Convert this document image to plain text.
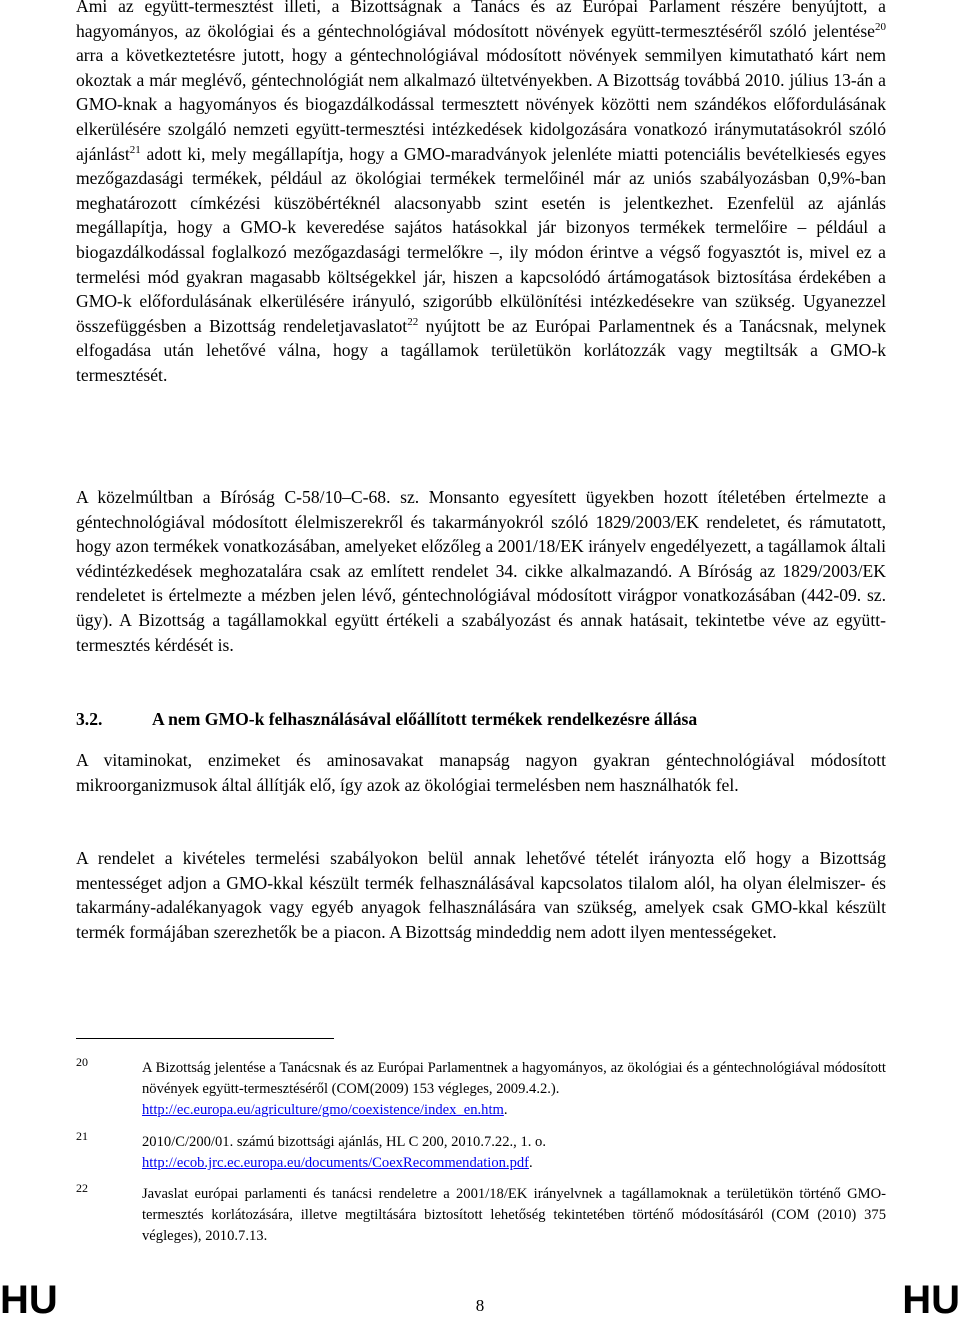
Ami az együtt-termesztést illeti, a Bizottságnak a Tanács és az Európai Parlament részére benyújtott, a hagyományos, az ökológiai és a géntechnológiával módosított növények együtt-termesztéséről szóló jelentése$^{20}$ arra a következtetésre jutott, hogy a géntechnológiával módosított növények semmilyen kimutatható kárt nem okoztak a már meglévő, géntechnológiát nem alkalmazó ültetvényekben. A Bizottság továbbá 2010. július 13-án a GMO-knak a hagyományos és biogazdálkodással termesztett növények közötti nem szándékos előfordulásának elkerülésére szolgáló nemzeti együtt-termesztési intézkedések kidolgozására vonatkozó iránymutatásokról szóló ajánlást$^{21}$ adott ki, mely megállapítja, hogy a GMO-maradványok jelenléte miatti potenciális bevételkiesés egyes mezőgazdasági termékek, például az ökológiai termékek termelőinél már az uniós szabályozásban 0,9%-ban meghatározott címkézési küszöbértéknél alacsonyabb szint esetén is jelentkezhet. Ezenfelül az ajánlás megállapítja, hogy a GMO-k keveredése sajátos hatásokkal jár bizonyos termékek termelőire – például a biogazdálkodással foglalkozó mezőgazdasági termelőkre –, ily módon érintve a végső fogyasztót is, mivel ez a termelési mód gyakran magasabb költségekkel jár, hiszen a kapcsolódó ártámogatások biztosítása érdekében a GMO-k előfordulásának elkerülésére irányuló, szigorúbb elkülönítési intézkedésekre van szükség. Ugyanezzel összefüggésben a Bizottság rendeletjavaslatot$^{22}$ nyújtott be az Európai Parlamentnek és a Tanácsnak, melynek elfogadása után lehetővé válna, hogy a tagállamok területükön korlátozzák vagy megtiltsák a GMO-k termesztését.

A közelmúltban a Bíróság C-58/10–C-68. sz. Monsanto egyesített ügyekben hozott ítéletében értelmezte a géntechnológiával módosított élelmiszerekről és takarmányokról szóló 1829/2003/EK rendeletet, és rámutatott, hogy azon termékek vonatkozásában, amelyeket előzőleg a 2001/18/EK irányelv engedélyezett, a tagállamok általi védintézkedések meghozatalára csak az említett rendelet 34. cikke alkalmazandó. A Bíróság az 1829/2003/EK rendeletet is értelmezte a mézben jelen lévő, géntechnológiával módosított virágpor vonatkozásában (442-09. sz. ügy). A Bizottság a tagállamokkal együtt értékeli a szabályozást és annak hatásait, tekintetbe véve az együtt-termesztés kérdését is.

3.2.	A nem GMO-k felhasználásával előállított termékek rendelkezésre állása

A vitaminokat, enzimeket és aminosavakat manapság nagyon gyakran géntechnológiával módosított mikroorganizmusok által állítják elő, így azok az ökológiai termelésben nem használhatók fel.

A rendelet a kivételes termelési szabályokon belül annak lehetővé tételét irányozta elő hogy a Bizottság mentességet adjon a GMO-kkal készült termék felhasználásával kapcsolatos tilalom alól, ha olyan élelmiszer- és takarmány-adalékanyagok vagy egyéb anyagok felhasználására van szükség, amelyek csak GMO-kkal készült termék formájában szerezhetők be a piacon. A Bizottság mindeddig nem adott ilyen mentességeket.

20	A Bizottság jelentése a Tanácsnak és az Európai Parlamentnek a hagyományos, az ökológiai és a géntechnológiával módosított növények együtt-termesztéséről (COM(2009) 153 végleges, 2009.4.2.).
http://ec.europa.eu/agriculture/gmo/coexistence/index_en.htm.
21	2010/C/200/01. számú bizottsági ajánlás, HL C 200, 2010.7.22., 1. o.
http://ecob.jrc.ec.europa.eu/documents/CoexRecommendation.pdf.
22	Javaslat európai parlamenti és tanácsi rendeletre a 2001/18/EK irányelvnek a tagállamoknak a területükön történő GMO-termesztés korlátozására, illetve megtiltására biztosított lehetőség tekintetében történő módosításáról (COM (2010) 375 végleges), 2010.7.13.
HU	8	HU
